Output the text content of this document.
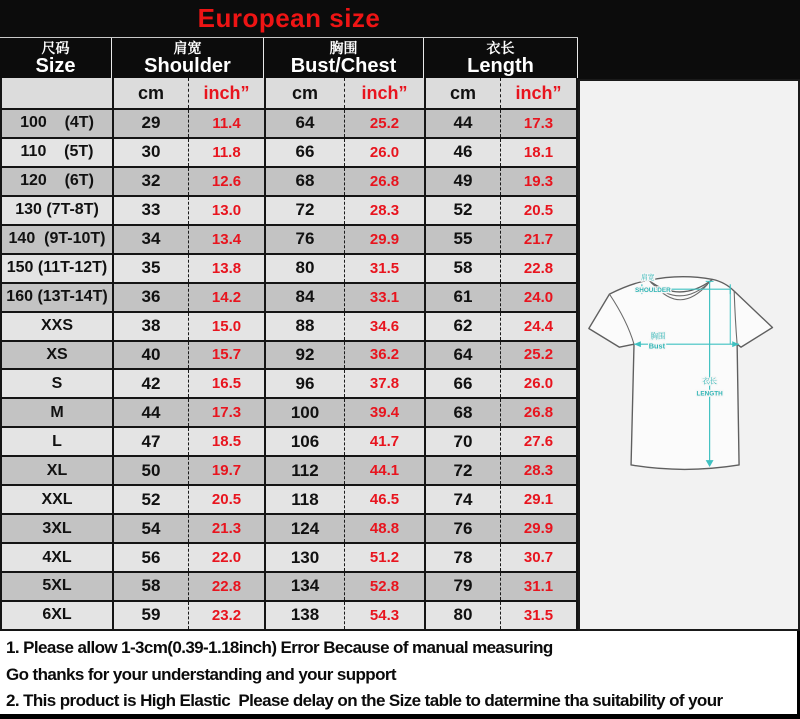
European size
尺码
Size
肩宽
Shoulder
胸围
Bust/Chest
衣长
Length
cm	inch”	cm	inch”	cm	inch”
100    (4T)	29	11.4	64	25.2	44	17.3
110    (5T)	30	11.8	66	26.0	46	18.1
120    (6T)	32	12.6	68	26.8	49	19.3
130 (7T-8T)	33	13.0	72	28.3	52	20.5
140  (9T-10T)	34	13.4	76	29.9	55	21.7
150 (11T-12T)	35	13.8	80	31.5	58	22.8
160 (13T-14T)	36	14.2	84	33.1	61	24.0
XXS	38	15.0	88	34.6	62	24.4
XS	40	15.7	92	36.2	64	25.2
S	42	16.5	96	37.8	66	26.0
M	44	17.3	100	39.4	68	26.8
L	47	18.5	106	41.7	70	27.6
XL	50	19.7	112	44.1	72	28.3
XXL	52	20.5	118	46.5	74	29.1
3XL	54	21.3	124	48.8	76	29.9
4XL	56	22.0	130	51.2	78	30.7
5XL	58	22.8	134	52.8	79	31.1
6XL	59	23.2	138	54.3	80	31.5
肩宽
SHOULDER
胸围
Bust
衣长
LENGTH
1. Please allow 1-3cm(0.39-1.18inch) Error Because of manual measuring
Go thanks for your understanding and your support
2. This product is High Elastic  Please delay on the Size table to datermine tha suitability of your
